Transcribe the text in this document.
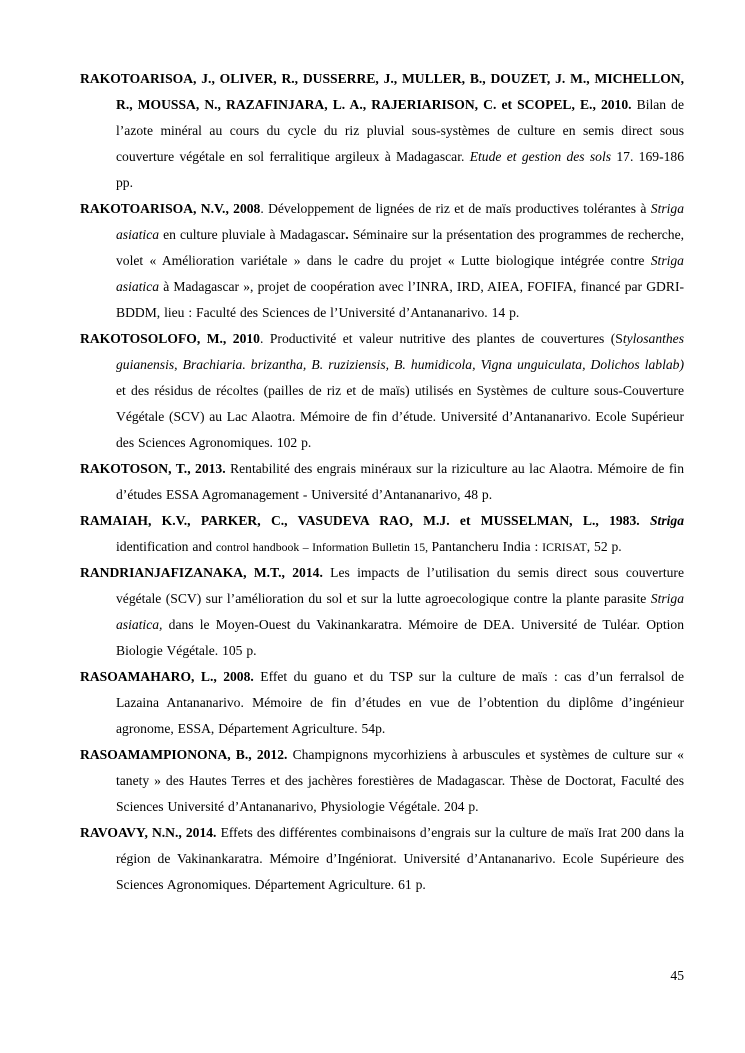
RAKOTOARISOA, J., OLIVER, R., DUSSERRE, J., MULLER, B., DOUZET, J. M., MICHELLON, R., MOUSSA, N., RAZAFINJARA, L. A., RAJERIARISON, C. et SCOPEL, E., 2010. Bilan de l’azote minéral au cours du cycle du riz pluvial sous-systèmes de culture en semis direct sous couverture végétale en sol ferralitique argileux à Madagascar. Etude et gestion des sols 17. 169-186 pp.

RAKOTOARISOA, N.V., 2008. Développement de lignées de riz et de maïs productives tolérantes à Striga asiatica en culture pluviale à Madagascar. Séminaire sur la présentation des programmes de recherche, volet « Amélioration variétale » dans le cadre du projet « Lutte biologique intégrée contre Striga asiatica à Madagascar », projet de coopération avec l’INRA, IRD, AIEA, FOFIFA, financé par GDRI-BDDM, lieu : Faculté des Sciences de l’Université d’Antananarivo. 14 p.

RAKOTOSOLOFO, M., 2010. Productivité et valeur nutritive des plantes de couvertures (Stylosanthes guianensis, Brachiaria. brizantha, B. ruziziensis, B. humidicola, Vigna unguiculata, Dolichos lablab) et des résidus de récoltes (pailles de riz et de maïs) utilisés en Systèmes de culture sous-Couverture Végétale (SCV) au Lac Alaotra. Mémoire de fin d’étude. Université d’Antananarivo. Ecole Supérieur des Sciences Agronomiques. 102 p.

RAKOTOSON, T., 2013. Rentabilité des engrais minéraux sur la riziculture au lac Alaotra. Mémoire de fin d’études ESSA Agromanagement - Université d’Antananarivo, 48 p.

RAMAIAH, K.V., PARKER, C., VASUDEVA RAO, M.J. et MUSSELMAN, L., 1983. Striga identification and control handbook – Information Bulletin 15, Pantancheru India : ICRISAT, 52 p.

RANDRIANJAFIZANAKA, M.T., 2014. Les impacts de l’utilisation du semis direct sous couverture végétale (SCV) sur l’amélioration du sol et sur la lutte agroecologique contre la plante parasite Striga asiatica, dans le Moyen-Ouest du Vakinankaratra. Mémoire de DEA. Université de Tuléar. Option Biologie Végétale. 105 p.

RASOAMAHARO, L., 2008. Effet du guano et du TSP sur la culture de maïs : cas d’un ferralsol de Lazaina Antananarivo. Mémoire de fin d’études en vue de l’obtention du diplôme d’ingénieur agronome, ESSA, Département Agriculture. 54p.

RASOAMAMPIONONA, B., 2012. Champignons mycorhiziens à arbuscules et systèmes de culture sur « tanety » des Hautes Terres et des jachères forestières de Madagascar. Thèse de Doctorat, Faculté des Sciences Université d’Antananarivo, Physiologie Végétale. 204 p.

RAVOAVY, N.N., 2014. Effets des différentes combinaisons d’engrais sur la culture de maïs Irat 200 dans la région de Vakinankaratra. Mémoire d’Ingéniorat. Université d’Antananarivo. Ecole Supérieure des Sciences Agronomiques. Département Agriculture. 61 p.

45
